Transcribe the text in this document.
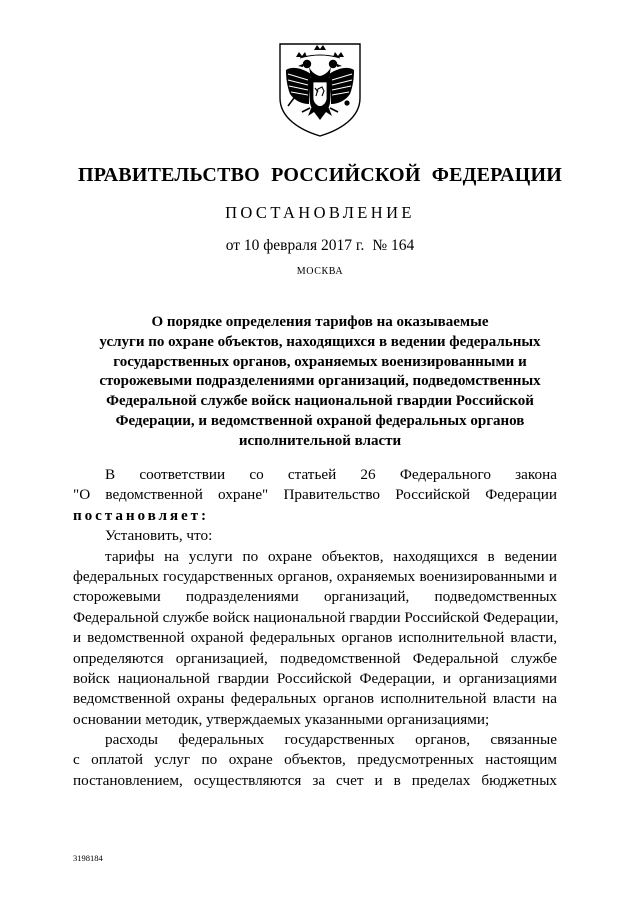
ПРАВИТЕЛЬСТВО РОССИЙСКОЙ ФЕДЕРАЦИИ
ПОСТАНОВЛЕНИЕ
от 10 февраля 2017 г. № 164
МОСКВА
О порядке определения тарифов на оказываемые
услуги по охране объектов, находящихся в ведении федеральных
государственных органов, охраняемых военизированными и
сторожевыми подразделениями организаций, подведомственных
Федеральной службе войск национальной гвардии Российской
Федерации, и ведомственной охраной федеральных органов
исполнительной власти
В соответствии со статьей 26 Федерального закона
"О ведомственной охране" Правительство Российской Федерации
постановляет:
Установить, что:
тарифы на услуги по охране объектов, находящихся в ведении
федеральных государственных органов, охраняемых военизированными и
сторожевыми подразделениями организаций, подведомственных
Федеральной службе войск национальной гвардии Российской Федерации,
и ведомственной охраной федеральных органов исполнительной власти,
определяются организацией, подведомственной Федеральной службе
войск национальной гвардии Российской Федерации, и организациями
ведомственной охраны федеральных органов исполнительной власти на
основании методик, утверждаемых указанными организациями;
расходы федеральных государственных органов, связанные
с оплатой услуг по охране объектов, предусмотренных настоящим
постановлением, осуществляются за счет и в пределах бюджетных
3198184
